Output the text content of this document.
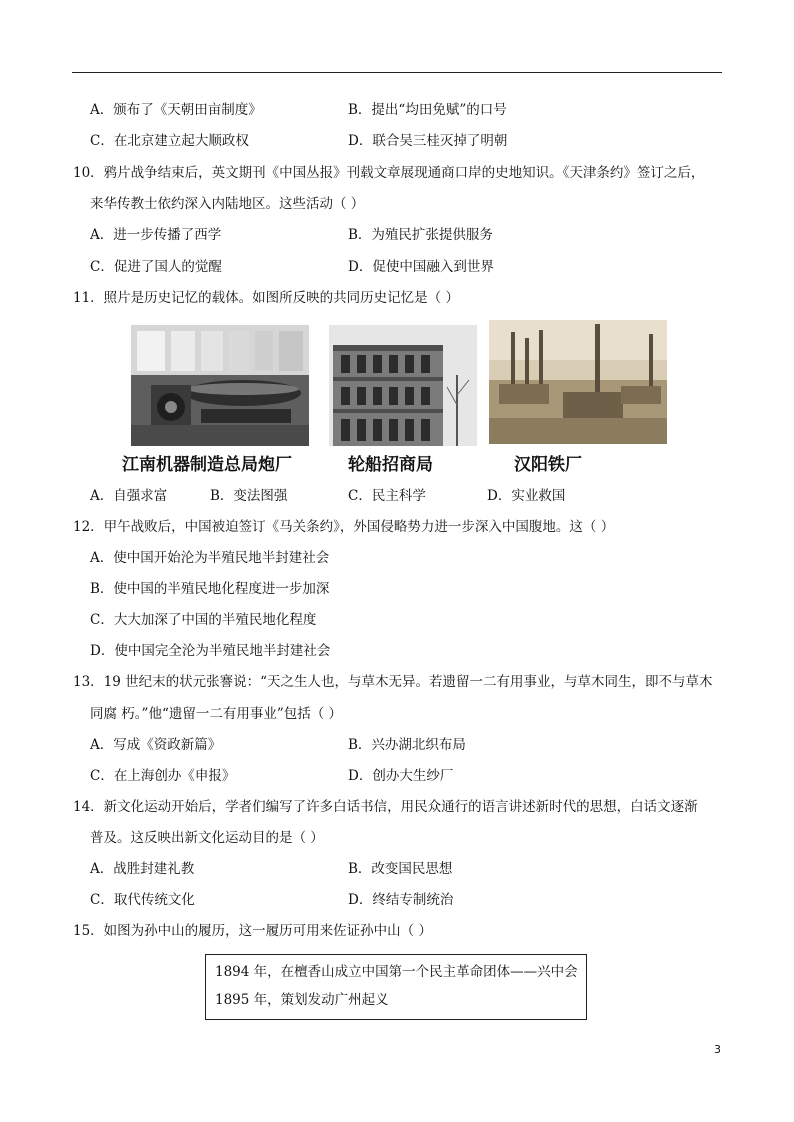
A．颁布了《天朝田亩制度》	B．提出“均田免赋”的口号
C．在北京建立起大顺政权	D．联合吴三桂灭掉了明朝
10．鸦片战争结束后，英文期刊《中国丛报》刊载文章展现通商口岸的史地知识。《天津条约》签订之后，
来华传教士依约深入内陆地区。这些活动（ ）
A．进一步传播了西学	B．为殖民扩张提供服务
C．促进了国人的觉醒	D．促使中国融入到世界
11．照片是历史记忆的载体。如图所反映的共同历史记忆是（ ）
江南机器制造总局炮厂	轮船招商局	汉阳铁厂
A．自强求富	B．变法图强	C．民主科学	D．实业救国
12．甲午战败后，中国被迫签订《马关条约》，外国侵略势力进一步深入中国腹地。这（ ）
A．使中国开始沦为半殖民地半封建社会
B．使中国的半殖民地化程度进一步加深
C．大大加深了中国的半殖民地化程度
D．使中国完全沦为半殖民地半封建社会
13．19 世纪末的状元张謇说：“天之生人也，与草木无异。若遗留一二有用事业，与草木同生，即不与草木
同腐 朽。”他“遗留一二有用事业”包括（ ）
A．写成《资政新篇》	B．兴办湖北织布局
C．在上海创办《申报》	D．创办大生纱厂
14．新文化运动开始后，学者们编写了许多白话书信，用民众通行的语言讲述新时代的思想，白话文逐渐
普及。这反映出新文化运动目的是（ ）
A．战胜封建礼教	B．改变国民思想
C．取代传统文化	D．终结专制统治
15．如图为孙中山的履历，这一履历可用来佐证孙中山（ ）
1894 年，在檀香山成立中国第一个民主革命团体——兴中会
1895 年，策划发动广州起义
3
